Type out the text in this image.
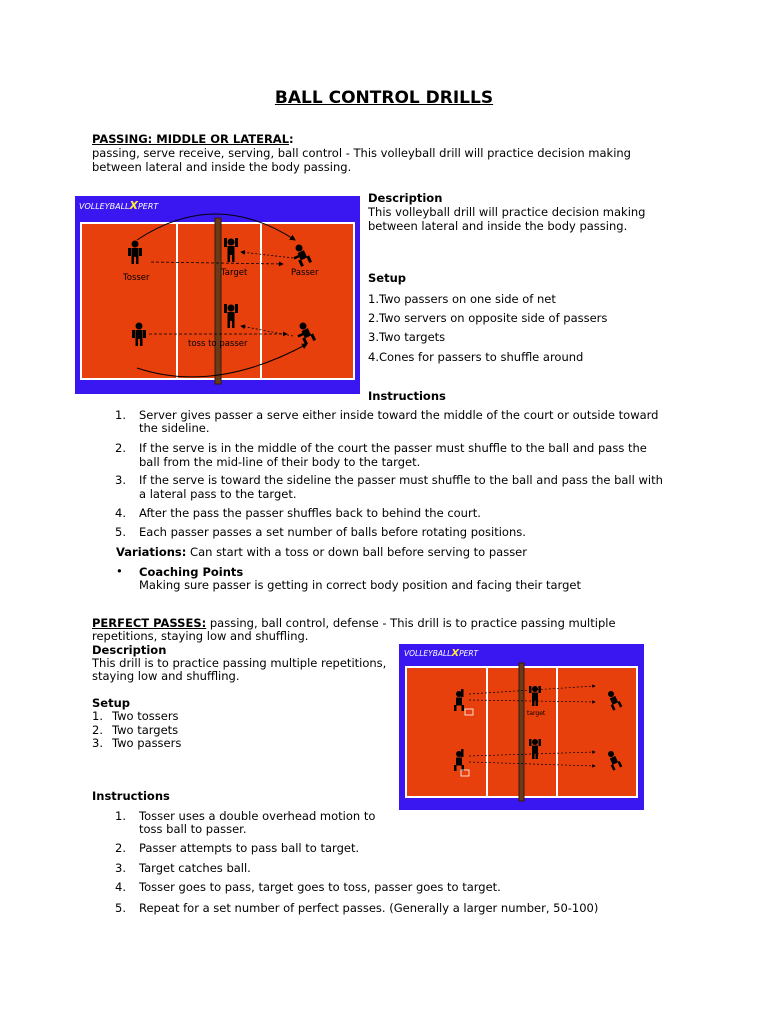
BALL CONTROL DRILLS
PASSING: MIDDLE OR LATERAL:
passing, serve receive, serving, ball control - This volleyball drill will practice decision making
between lateral and inside the body passing.
VOLLEYBALLXPERT
Tosser	Target	Passer
toss to passer
Description
This volleyball drill will practice decision making
between lateral and inside the body passing.
Setup
1.Two passers on one side of net
2.Two servers on opposite side of passers
3.Two targets
4.Cones for passers to shuffle around
Instructions
1. Server gives passer a serve either inside toward the middle of the court or outside toward
the sideline.
2. If the serve is in the middle of the court the passer must shuffle to the ball and pass the
ball from the mid-line of their body to the target.
3. If the serve is toward the sideline the passer must shuffle to the ball and pass the ball with
a lateral pass to the target.
4. After the pass the passer shuffles back to behind the court.
5. Each passer passes a set number of balls before rotating positions.
Variations: Can start with a toss or down ball before serving to passer
• Coaching Points
Making sure passer is getting in correct body position and facing their target
PERFECT PASSES: passing, ball control, defense - This drill is to practice passing multiple
repetitions, staying low and shuffling.
VOLLEYBALLXPERT
target
Description
This drill is to practice passing multiple repetitions,
staying low and shuffling.
Setup
1. Two tossers
2. Two targets
3. Two passers
Instructions
1. Tosser uses a double overhead motion to
toss ball to passer.
2. Passer attempts to pass ball to target.
3. Target catches ball.
4. Tosser goes to pass, target goes to toss, passer goes to target.
5. Repeat for a set number of perfect passes. (Generally a larger number, 50-100)
